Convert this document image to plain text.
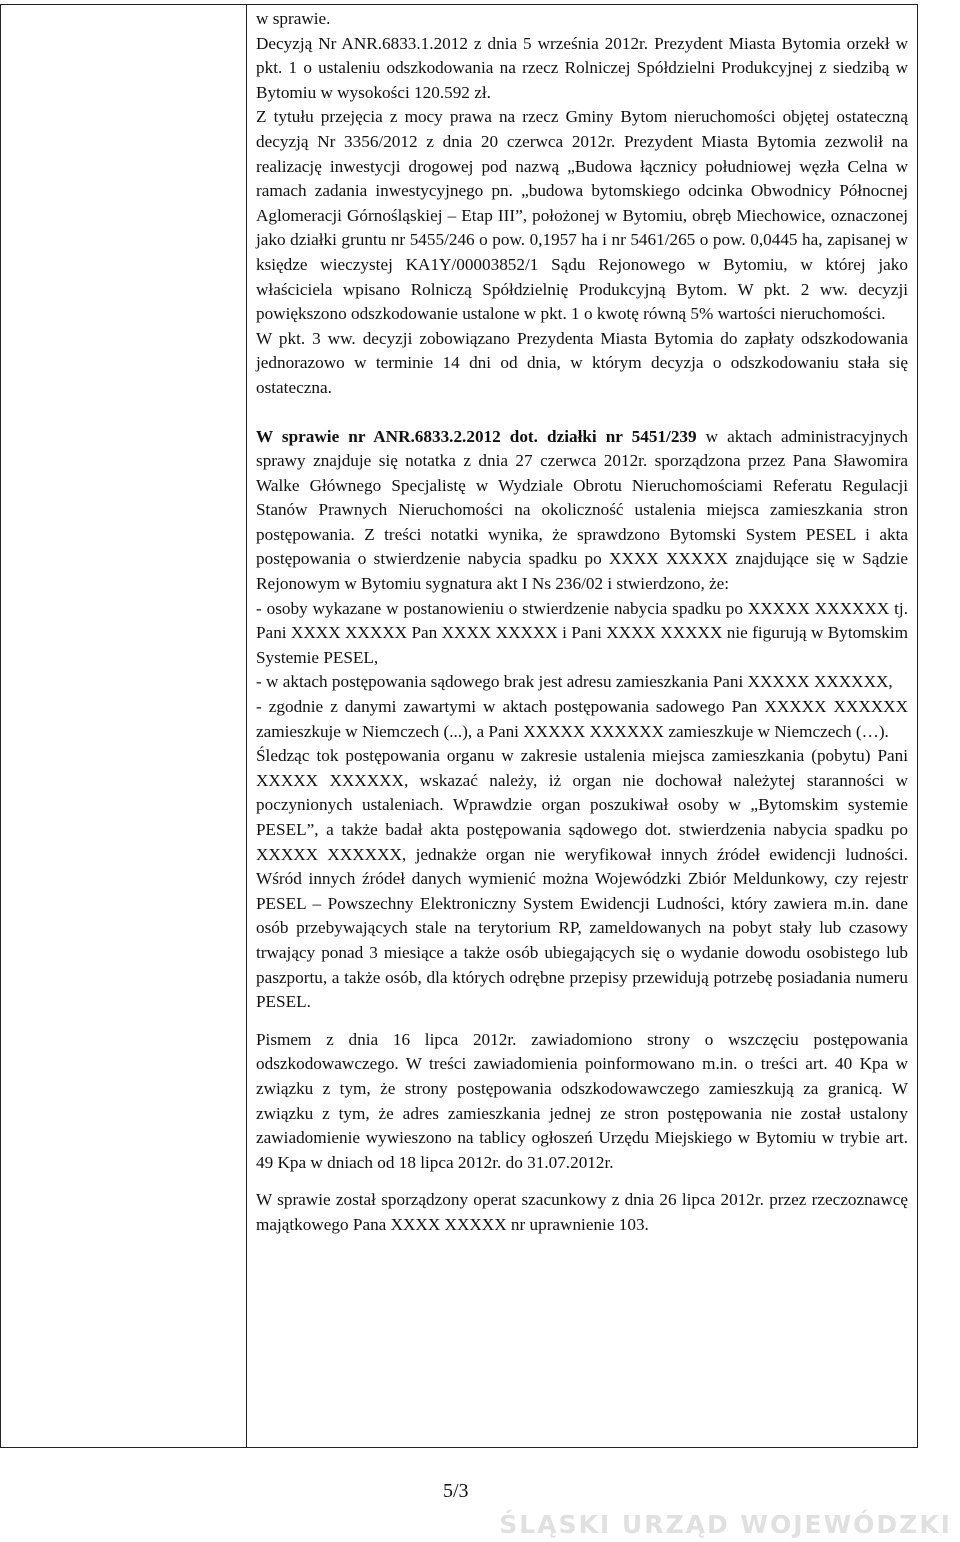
w sprawie.

Decyzją Nr ANR.6833.1.2012 z dnia 5 września 2012r. Prezydent Miasta Bytomia orzekł w pkt. 1 o ustaleniu odszkodowania na rzecz Rolniczej Spółdzielni Produkcyjnej z siedzibą w Bytomiu w wysokości 120.592 zł.

Z tytułu przejęcia z mocy prawa na rzecz Gminy Bytom nieruchomości objętej ostateczną decyzją Nr 3356/2012 z dnia 20 czerwca 2012r. Prezydent Miasta Bytomia zezwolił na realizację inwestycji drogowej pod nazwą „Budowa łącznicy południowej węzła Celna w ramach zadania inwestycyjnego pn. „budowa bytomskiego odcinka Obwodnicy Północnej Aglomeracji Górnośląskiej – Etap III”, położonej w Bytomiu, obręb Miechowice, oznaczonej jako działki gruntu nr 5455/246 o pow. 0,1957 ha i nr 5461/265 o pow. 0,0445 ha, zapisanej w księdze wieczystej KA1Y/00003852/1 Sądu Rejonowego w Bytomiu, w której jako właściciela wpisano Rolniczą Spółdzielnię Produkcyjną Bytom. W pkt. 2 ww. decyzji powiększono odszkodowanie ustalone w pkt. 1 o kwotę równą 5% wartości nieruchomości.

W pkt. 3 ww. decyzji zobowiązano Prezydenta Miasta Bytomia do zapłaty odszkodowania jednorazowo w terminie 14 dni od dnia, w którym decyzja o odszkodowaniu stała się ostateczna.

W sprawie nr ANR.6833.2.2012 dot. działki nr 5451/239 w aktach administracyjnych sprawy znajduje się notatka z dnia 27 czerwca 2012r. sporządzona przez Pana Sławomira Walke Głównego Specjalistę w Wydziale Obrotu Nieruchomościami Referatu Regulacji Stanów Prawnych Nieruchomości na okoliczność ustalenia miejsca zamieszkania stron postępowania. Z treści notatki wynika, że sprawdzono Bytomski System PESEL i akta postępowania o stwierdzenie nabycia spadku po XXXX XXXXX znajdujące się w Sądzie Rejonowym w Bytomiu sygnatura akt I Ns 236/02 i stwierdzono, że:

- osoby wykazane w postanowieniu o stwierdzenie nabycia spadku po XXXXX XXXXXX tj. Pani XXXX XXXXX Pan XXXX XXXXX i Pani XXXX XXXXX nie figurują w Bytomskim Systemie PESEL,

- w aktach postępowania sądowego brak jest adresu zamieszkania Pani XXXXX XXXXXX,

- zgodnie z danymi zawartymi w aktach postępowania sadowego Pan XXXXX XXXXXX zamieszkuje w Niemczech (...), a Pani XXXXX XXXXXX zamieszkuje w Niemczech (…).

Śledząc tok postępowania organu w zakresie ustalenia miejsca zamieszkania (pobytu) Pani XXXXX XXXXXX, wskazać należy, iż organ nie dochował należytej staranności w poczynionych ustaleniach. Wprawdzie organ poszukiwał osoby w „Bytomskim systemie PESEL”, a także badał akta postępowania sądowego dot. stwierdzenia nabycia spadku po XXXXX XXXXXX, jednakże organ nie weryfikował innych źródeł ewidencji ludności. Wśród innych źródeł danych wymienić można Wojewódzki Zbiór Meldunkowy, czy rejestr PESEL – Powszechny Elektroniczny System Ewidencji Ludności, który zawiera m.in. dane osób przebywających stale na terytorium RP, zameldowanych na pobyt stały lub czasowy trwający ponad 3 miesiące a także osób ubiegających się o wydanie dowodu osobistego lub paszportu, a także osób, dla których odrębne przepisy przewidują potrzebę posiadania numeru PESEL.

Pismem z dnia 16 lipca 2012r. zawiadomiono strony o wszczęciu postępowania odszkodowawczego. W treści zawiadomienia poinformowano m.in. o treści art. 40 Kpa w związku z tym, że strony postępowania odszkodowawczego zamieszkują za granicą. W związku z tym, że adres zamieszkania jednej ze stron postępowania nie został ustalony zawiadomienie wywieszono na tablicy ogłoszeń Urzędu Miejskiego w Bytomiu w trybie art. 49 Kpa w dniach od 18 lipca 2012r. do 31.07.2012r.

W sprawie został sporządzony operat szacunkowy z dnia 26 lipca 2012r. przez rzeczoznawcę majątkowego Pana XXXX XXXXX nr uprawnienie 103.

5/3
ŚLĄSKI URZĄD WOJEWÓDZKI
